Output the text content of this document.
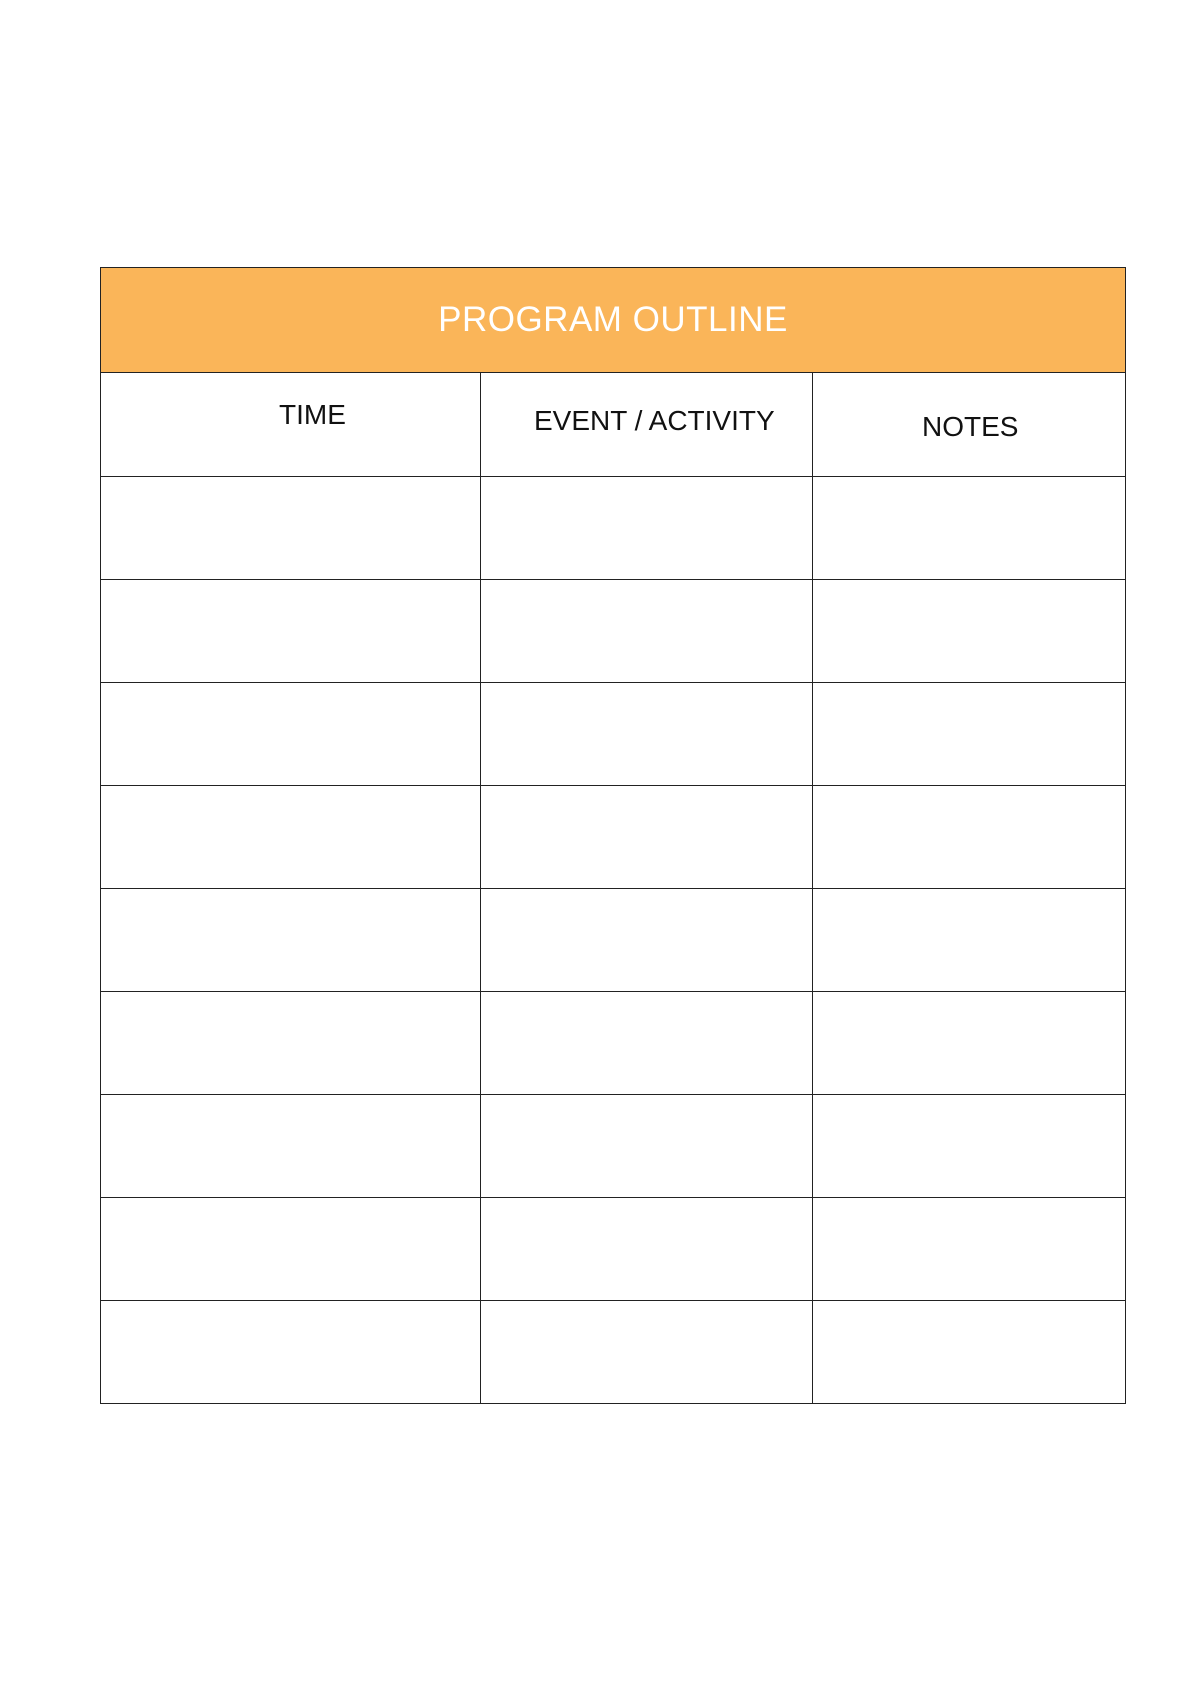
PROGRAM OUTLINE		

TIME	EVENT / ACTIVITY	NOTES
